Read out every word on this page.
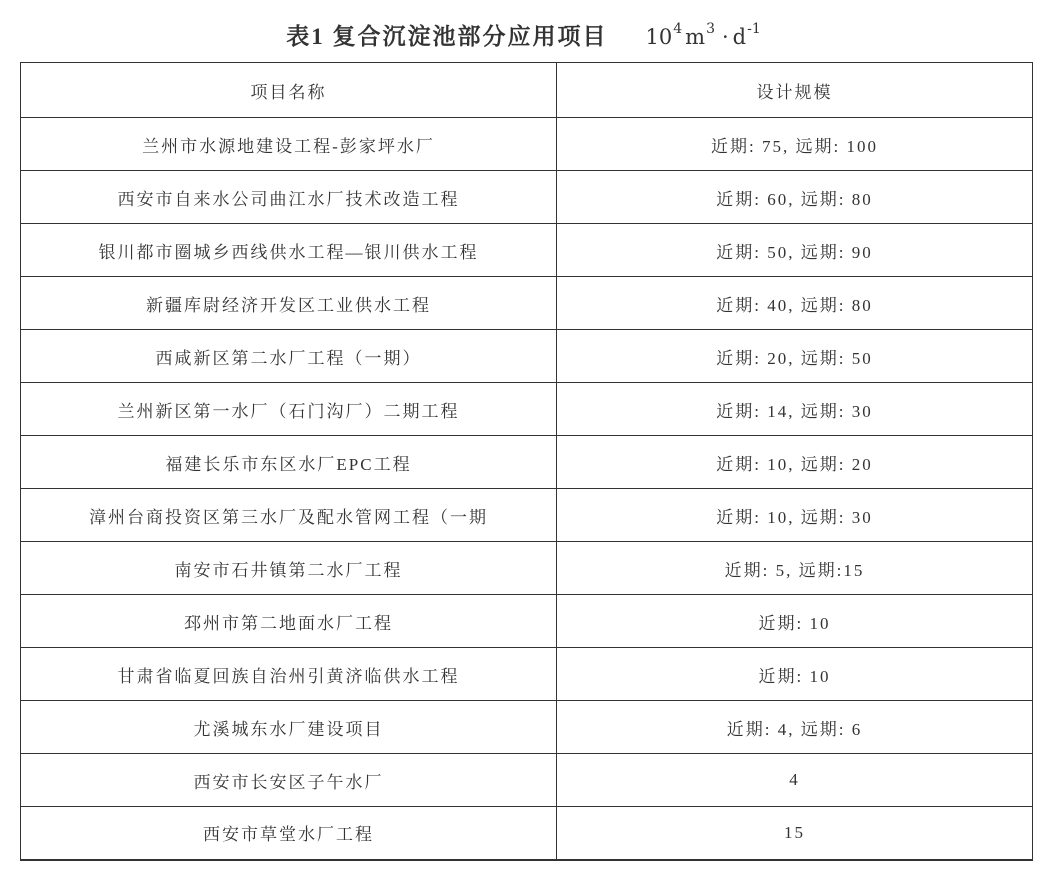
表1 复合沉淀池部分应用项目 $10^4$ $m^3 \cdot d^{-1}$
项目名称	设计规模
兰州市水源地建设工程-彭家坪水厂	近期: 75, 远期: 100
西安市自来水公司曲江水厂技术改造工程	近期: 60, 远期: 80
银川都市圈城乡西线供水工程—银川供水工程	近期: 50, 远期: 90
新疆库尉经济开发区工业供水工程	近期: 40, 远期: 80
西咸新区第二水厂工程（一期）	近期: 20, 远期: 50
兰州新区第一水厂（石门沟厂）二期工程	近期: 14, 远期: 30
福建长乐市东区水厂EPC工程	近期: 10, 远期: 20
漳州台商投资区第三水厂及配水管网工程（一期	近期: 10, 远期: 30
南安市石井镇第二水厂工程	近期: 5, 远期:15
邳州市第二地面水厂工程	近期: 10
甘肃省临夏回族自治州引黄济临供水工程	近期: 10
尤溪城东水厂建设项目	近期: 4, 远期: 6
西安市长安区子午水厂	4
西安市草堂水厂工程	15
